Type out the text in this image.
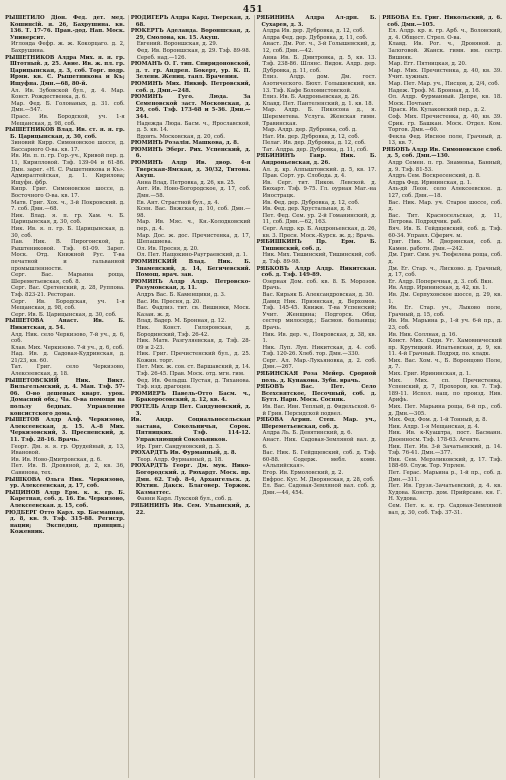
451

РЫШЕТИЛО Діон. Фед. дет. мед. Кошинсій. я. 26, Бахрушина. кв. 136. Т. 17-76. Прав.-дод. Нап. Моск. Университ.

Иглонда Фефр. ж. ж. Кокорцаго. д. 2, Бахрушина.

РЫШЕТНИКОВ Алдра Мих. я. я. гр. Штотный. д. 25. Авие. Ив. ж. пл. гр. Царицынская, д. 3, соб. Торг. подр. Ирми. кв. С. Рышетникова и Къ; Ищуфна. Дмн.—68, 80-й.

Ал. Ив. Зубовской бул., д. 4. Мар. Конст. Рождественка, д. 6.

Мар. Фед. Б. Голованых, д. 31. соб. Дмн.—547.

Прасс. Ив. Бородской, уч. 1-я Мещанская, д. 98, соб.

РЫШЕТНИКОВ Влад. Ив. ст. я. я. гр. Б. Царицынская, д. 30, соб.

Зиновий Кирр. Симоновское шоссе, д. Бассарного О-ва. кв. 17.

Ив. Ив. п. п. гр. Гор.-уч., Кривой пер. д. 11, Кирилловой. Тзф. 139-04 и 61-86. Дмн. зарег. «Н. С. Рышетникова и Къ». Адмиралтейская, д. 1. Кирилова; Ищуфн. фбр.

Кипр. Григ. Симоновское шоссе, д. Восточного О-ва. кв. 17.

Матв. Григ. Хох. ч., 3-й Покровский. д. 7. соб. Дмн.—68.

Ник. Влад. я. п. гр. Хам. ч. Б. Царицынская, д. 30, соб.

Ник. Ив. я. п. гр. Б. Царицынская, д. 30, соб.

Пав. Ник. В. Пирогоиской, д. Рыштениковой. Тзф. 61-09. Зарег. Моск. Отд. Книжной Рус. Т-ва печатной и гальванной промышленности.

Серг. Вас. Марьина роща, Шереметьевская, соб. 8.

Серг. Вас. Сретенский, д. 28, Руппова. Тзф. 823-21. Ресторан.

Серг. Ив. Бородская, уч. 1-я Мещанская, д. 98, соб.

Серг. Ив. Б. Царицынская, д. 30, соб.

РЫШЕТОВА Анаст. Ив. Б. Никитская, д. 54.

Алд. Ник. село Черкизово, 7-й уч., д. 6, соб.

Клав. Мих. Черкизово. 7-й уч., д. 6, соб.

Над. Ив. д. Садовая-Кудринская, д. 21/23, кв. 60.

Тат. Григ. село Черкизово, Алексеевская, д. 18.

РЫШЕТОВСКИЙ Ник. Викт. Вильгельмский, д. 4. Ман. Тзф. 57-06. О-во дешевых кварт. урок. Домасний обх.; Ча. О-ва помощи на пользу бедных. Управление консистского дома.

РЫШЕТОВ Алдр Алф. Черкизово, Алексеевская, д. 15. А.-8 Мих. Черкизовский, 3. Пресненский, д. 11. Тзф. 28-16. Врачь.

Георг. Дм. я. я. гр. Орудейный, д. 13, Ивановой.

Ив. Ив. Ново-Дмитровская, д. 6.

Пет. Ив. В. Дровяной, д. 2, кв. 36, Савинова, тех.

РЫШКОВА Ольга Ник. Черкизово, ур. Алексеевская, д. 17, соб.

РЫЦИНОВ Алдр Ерм. к. к. гр. Б. Каретная, соб. д. 16. Ев. Черкизово, Алексеевская. д. 15, соб.

РЮДБЕРГ Отто Карл. хр. Басманная, д. 8, кв. 9. Тзф. 315-88. Регистр. нации; Экспедиц. прянцип.; Кожевник.

РЮДИГЕРЪ Алдра Кард. Тверская, д. 68.

РЮКЕРТЪ Аделанда. Вороншская, д. 29, Смолова, кв. 15. Акуш.

Евгений. Вороншская, д. 29.

Фед. Ив. Вороншская, д. 29. Тзф. 89-98. Сереб. над.—126.

РЮМАНЪ О. Г. тип. Спиридоновской, д. т. гр. Андрея. Бокерт, ур. К. П. Зелени. Жениц. таял. Врачения.

РЮМИНЪ Мих. Никиф. Петровский, соб. д. Дмн.—248.

РЮМИНЪ Гуго. Люда. За Семеновской заст. Московская, д. 29, соб. Тзф. 173-68 и 5-36. Дмн.—344.

Надежда Люда. Басм. ч., Ярославской, д. 5. кв. 14.

Вдовть. Московская, д. 20, соб.

РЮМИНЪ Розалія. Машкова, д. 8.

РЮМИНЪ Эберг. Рих. Успенский, д. 6.

РЮМИНЪ Алдр Ив. двор. 4-я Тверская-Ямская, д. 30/32, Титова. Акуш.

Анна Влад. Петровка, д. 26, кв. 25.

Ант. Ив. Ново-Богородское, д. 17, соб. Дмн.—58.

Ев. Ант. Страстной бул., д. 4.

Ксен. Вас. Внжская, д. 10, соб. Дмн.—98.

Мар. Ив. Мяс. ч., Кн.-Колодковский пер., д. 4.

Мар. Дос. ж. дос. Пречистенка, д. 17, Шепашиева.

Ол. Ив. Пресня, д. 20.

Ол. Пет. Нащокино-Рауграевский, д. 1.

РЮМИНСКИЙ Влад. Ник. Б. Знаменский, д. 14, Бегичевский. Помощ. врач. зав.

РЮМИНЪ Алдр Алдр. Петровско-Разумовская, д. 11.

Алдръ Вас. Б. Каменщики, д. 3.

Вас. Ив. Пресня, д. 20.

Вас. Фадлиз. тит. св. Вишняки, Моск. Казан. ж. д.

Влад. Вадер. М. Бронная, д. 12.

Ник. Конст. Гиляровская, д. Бородинский, Тзф. 26-42.

Ник. Матв. Разгуляевская, д. Тзф. 28-09 и 2-23.

Ник. Григ. Пречистенский бул., д. 25. Кожин. торг.

Пет. Мих. ж. сов. ст. Варшавский, д. 14. Тзф. 26-45. Прав. Моск. отд. мгн. гим.

Фед. Ив. Фельдш. Пустая, д. Тиханова. Тзф. изд. драгоцен.

РЮМИЕРЪ Павель-Отто Басм. ч., Бракоросовский, д. 12, кв. 4.

РЮТЕЛЬ Алдр Пет. Сандуновский, д. 3.

Ив. Андр. Социальносельская застава, Сокольничья, Сорок. Пятницких. Тзф. 114-12. Управляющий Сокольников.

Ир. Григ. Сандуновский, д. 3.

РЮХАРДТЪ Ив. Фурманный, д. 8.

Теор. Алдр. Фурманный, д. 18.

РЮХАРДТЪ Георг. Дм. мук. Нико-Богородский. д. Рюхардт. Моск. пр. Дмн. 62. Тзф. 8-4, Архангельск. д. Юхтин. Дакск. Благовер. Торжок. Казматтес.

Фанни Карл. Лукской бул., соб. д.

РЯБИНИНЪ Ив. Сем. Ульянский, д. 22.

РЯБИНИНА Алдра Ал-дрн. Б. Сухарев, д. 3.

Алдра Ив. дер. Дубровка, д. 12, соб.

Алдра Фед. дер. Дубровка, д. 11, соб.

Анаст. Дм. Рог. ч., 3-й Голышевский, д. 12, соб. Дмн.—42.

Анна Ив. Б. Дмитровка, д. 5, кв. 13. Тзф. 238-86. Шлянс. Видок. Алдр. дер. Дубровка, д. 11, соб.

Елиз. Алдр. дом. Дм. гост. Азотического. Бюхт. Голышевский, кв. 13. Тзф. Кафе Боломистовской.

Елиз. Ив. Б. Андроньевская, д. 26.

Клавд. Пет. Пантеленский, д. 1. кв. 18.

Мар. Алдр. Б. Пикосона д., я. Шереметева. Услуга. Женская гимн. Травинская.

Мар. Алдр. дер. Дубровка, соб. д.

Нат. Ив. дер. Дубровка, д. 12, соб.

Пелаг. Ив. дер. Дубровка, д. 12, соб.

Тат. Алдра. дер. Дубровка, д. 11, соб.

РЯБИНИНЪ Гавр. Ник. Б. Андроньевская, д. 26.

Ал. д. кр. Алпыштовский. д. 5, кв. 17. Прав. Сорт. ур. Слобода. д. 4.

Ив. Серг. тит. Пиков. Левской. д. Бюхарт. Тзф. 9-75. Гл. оурная Маг.-на Инострацк.

Ив. Фед. дер. Дубровка, д. 12, соб.

Ив. Фед. дер. Хрустальная, д. 8.

Пет. Фед. Сем. ур. 2-й Гоманинский, д. 11, соб. Дмн.—62, 163.

Серг. Алдр. кр. Б. Андроньевская, д. 26, кв. 3. Пресн. Моск.-Курск. ж. д.; Врачь.

РЯБИШКИНЪ Пр. Ерм. Б. Тишинский, соб. д.

Ник. Мих. Тишинский, Тишинский, соб. д. Тзф. 89-98.

РЯБКОВЪ Алдр Алдр. Никитская. соб. д. Тзф. 149-89.

Озерная Дом. соб. кв. 8. Б. Морозов. Врачь.

Вас. Кирьяк Б. Александровская, д. 30.

Давид Ник. Приянская, д. Верхомов. Тзф. 145-45. Книжн. Т-ва Успенский; Учит. Женщина; Подгорск. Общ. сестер милосерд.; Басмон. больница; Врачь.

Ник. Ив. дер. ч., Покровская, д. 38, кв. 1.

Ник. Луп. Луп. Никитская, д. 4. соб. Тзф. 120-26. Хлеб. тор. Дмн.—330.

Серг. Ал. Мар.-Лукьяновка, д. 2. соб. Дмн.—267.

РЯБИНСКАЯ Роза Мейер. Срорной поль. д. Кунакова. Зубн. врачь.

РЯБОВЪ Вас. Пет. Село Всехсвятское, Песочный, соб. д. Бутл. Нарн. Моск. Сосняк.

Ив. Вас. Ивн. Теплый, д. Фидельской. 6-й Грив. Персидской подвел.

РЯБОВА Агрип. Степ. Мар. уч., Шереметьевская, соб. д.

Алдра Ль. Б. Девятинский, д. 6.

Анаст. Ник. Садовая-Земляной вал. д. 6.

Вас. Ник. Б. Гейдщевский, соб. д. Тзф. 60-88. Содерж. мебл. комн. «Альпийская».

Егор. Ив. Ермоловский, д. 2.

Евфрос. Кус. М. Дворянская, д. 28, соб.

Ел. Вас. Садовая-Земляной вал. соб. д. Дмн.—44, 454.

РЯБОВА Ел. Григ. Никольский, д. 6. соб. Дмн.—105.

Ел. Алдр. кр. я. гр. Арб. ч., Воловский, д. 4. Общест. Стрел. О-ва.

Клавд. Ив. Рог. ч., Дровяной. д. Залоговой. Жанск. гимн. им. сестр. Вишняк.

Мар. Егг. Пятницкая, д. 20.

Мар. Мих. Пречистенка, д. 40, кв. 39. Учит. хужных.

Мар. Пет. Мар. уч., Писцов, д. 2/4, соб.

Надеж. Троф. М. Бронная, д. 16.

Ол. Алдр. Фурманный. Депре, кв. 18. Моск. Почтамт.

Праск. Ив. Кулаковский пер., д. 2.

Соф. Мих. Пречистенка, д. 40, кв. 39. Срик. гр. Башкан. Моск. Отдел. Ком. Торгов. Дмн.—60.

Фекла Фед. Ивсное поле, Грачный, д. 13, кв. 7.

РЯБОВЪ Алдр Ив. Симоновское слоб. д. 5, соб. Дмн.—130.

Алдр Семен. п. гр. Знаменьа, Банный, д. 9. Тзф. 81-53.

Алдръ Сем. Воскресенский, д. 8.

Алдрь Фед. Ирининская, д. 1.

Аль-дй Леон. село Алексеевское. д. 127, соб. Дмн.—18.

Вас. Ник. Мар. уч. Старое шоссе, соб. д.

Вас. Тит. Красносельская, д. 11, Петрова. Подрядчик. раб.

Вяч. Ив. Б. Гейдщевский, соб. д. Тзф. 60-34. Управл. Сферич. м.

Григ. Ник. М. Дворянская, соб. д. Камен. работн. Дмн.—242.

Дм. Григ. Сим. уч. Тюфелева роща, соб. д.

Дм. Ег. Стар. ч., Лисково. д. Грачный, д. 17, соб.

Ег. Алдр. Поперечная, д. 3. соб. Вкн.

Ив. Алдр. Ирининская, д. 42, кв. 1.

Ив. Дм. Серпуховское шоссе, д. 29, кв. 1.

Ив. Ег. Стар. уч., Лыково поле, Грачный, д. 15, соб.

Ив. Ив. Марьина р., 1-й уч. 6-й пр., д. 23, соб.

Ив. Ник. Соллная, д. 16.

Конст. Мих. Сиди. Уг. Хамовнический пр. Крутицкий. Ипатьевская, д. 9, кв. 11. 4-й Грачный. Подряд. по. кладк.

Мих. Вас. Хом. ч., Б. Воронцово Поле, д. 7.

Мих. Григ. Ирининская, д. 1.

Мих. Мих. сп. Пречистенка, Успенский, д. 7, Прохоров, кв. 7. Тзф. 189-11. Испол. нащ. по произд. Нив. Арифь.

Мих. Пет. Марьина роща, 6-й пр., соб. д. Дмн.—305.

Мих. Фед. Фом. д. 1-й Тонный, д. 8.

Ник. Алдр. 1-я Мещанская, д. 4.

Ник. Ив. к-Куаштра, пост. Басманн. Двоенносм. Тзф. 178-63. Агенте.

Ник. Пет. Ив. 3-й Зачатьевский, д. 14. Тзф. 76-41. Дмн.—377.

Ник. Сем. Мерзликовский, д. 17. Тзф. 188-69. Служ. Тор. Упрлен.

Пет. Герас. Марьина р., 1-й пр., соб. д. Дмн.—311.

Пет. Ив. Грузя.-Зачатьевский, д. 4. кв. Худова. Констр. дом. Прийрсаве. кн. Г. Н. Худова.

Сем. Пет. к. к. гр. Садовая-Земляной вал, д. 30, соб. Тзф. 37-31.
